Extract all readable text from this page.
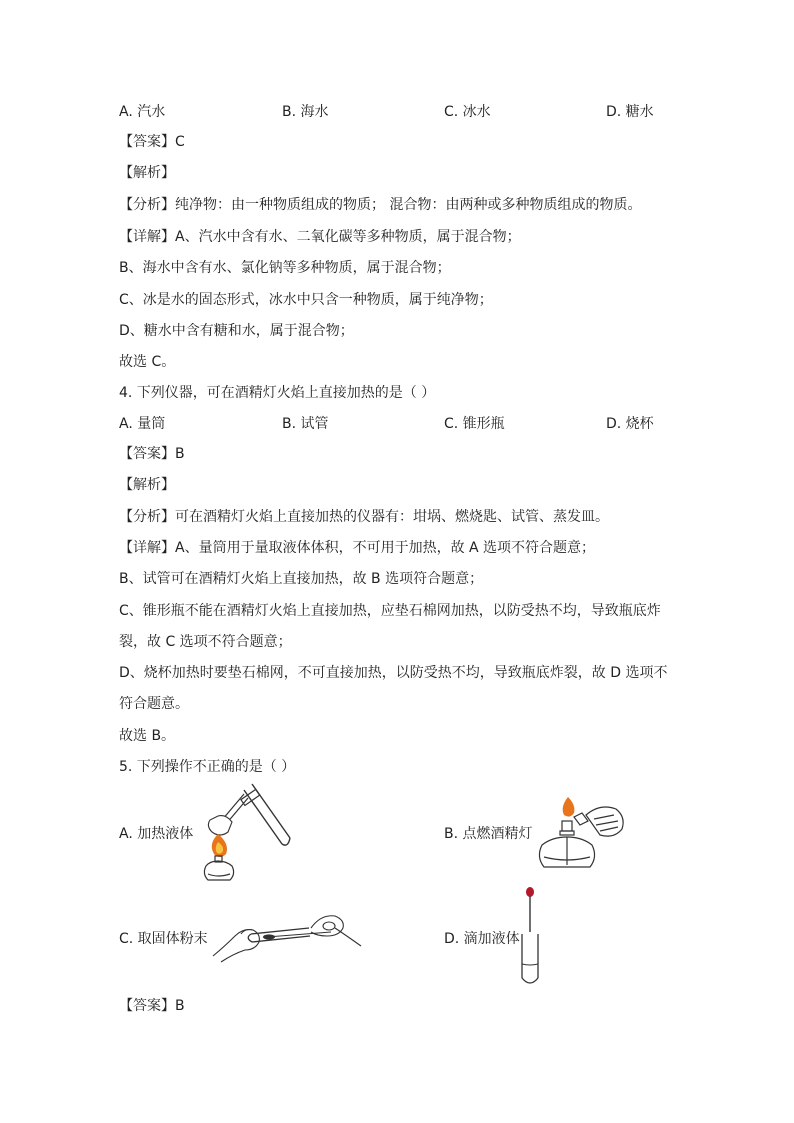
A. 汽水	B. 海水	C. 冰水	D. 糖水
【答案】C
【解析】
【分析】纯净物：由一种物质组成的物质； 混合物：由两种或多种物质组成的物质。
【详解】A、汽水中含有水、二氧化碳等多种物质，属于混合物；
B、海水中含有水、氯化钠等多种物质，属于混合物；
C、冰是水的固态形式，冰水中只含一种物质，属于纯净物；
D、糖水中含有糖和水，属于混合物；
故选 C。
4. 下列仪器，可在酒精灯火焰上直接加热的是（ ）
A. 量筒	B. 试管	C. 锥形瓶	D. 烧杯
【答案】B
【解析】
【分析】可在酒精灯火焰上直接加热的仪器有：坩埚、燃烧匙、试管、蒸发皿。
【详解】A、量筒用于量取液体体积，不可用于加热，故 A 选项不符合题意；
B、试管可在酒精灯火焰上直接加热，故 B 选项符合题意；
C、锥形瓶不能在酒精灯火焰上直接加热，应垫石棉网加热，以防受热不均，导致瓶底炸
裂，故 C 选项不符合题意；
D、烧杯加热时要垫石棉网，不可直接加热，以防受热不均，导致瓶底炸裂，故 D 选项不
符合题意。
故选 B。
5. 下列操作不正确的是（ ）
A. 加热液体	B. 点燃酒精灯
C. 取固体粉末	D. 滴加液体
【答案】B
